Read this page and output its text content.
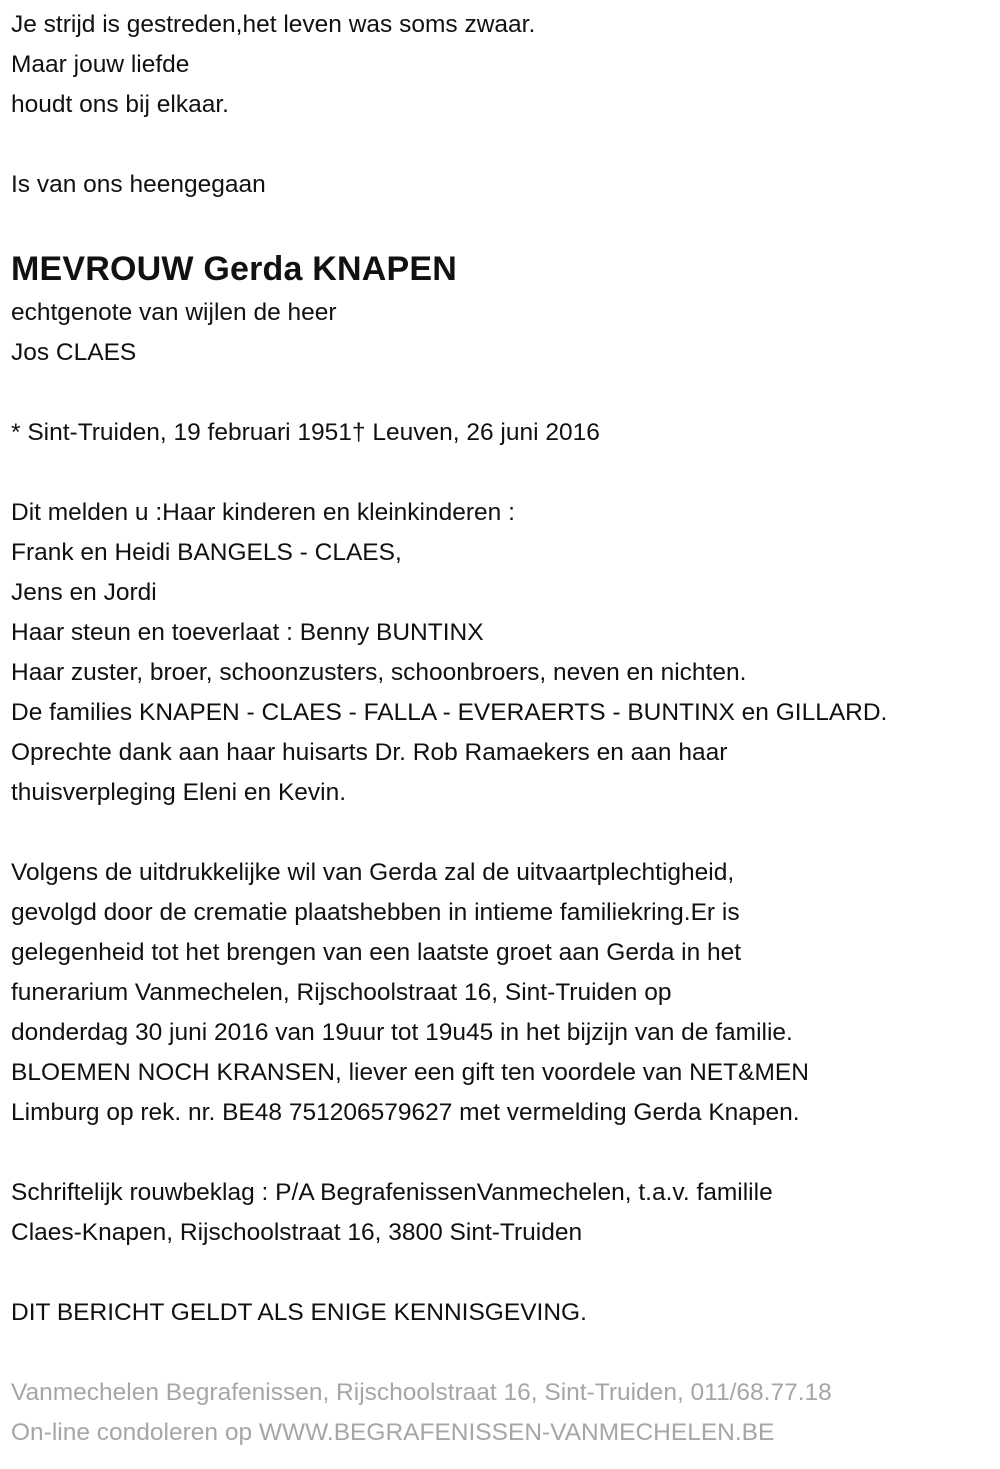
Je strijd is gestreden,het leven was soms zwaar.
Maar jouw liefde
houdt ons bij elkaar.
Is van ons heengegaan
MEVROUW Gerda KNAPEN
echtgenote van wijlen de heer
Jos CLAES
* Sint-Truiden, 19 februari 1951† Leuven, 26 juni 2016
Dit melden u :Haar kinderen en kleinkinderen :
Frank en Heidi BANGELS - CLAES,
Jens en Jordi
Haar steun en toeverlaat : Benny BUNTINX
Haar zuster, broer, schoonzusters, schoonbroers, neven en nichten.
De families KNAPEN - CLAES - FALLA - EVERAERTS - BUNTINX en GILLARD.
Oprechte dank aan haar huisarts Dr. Rob Ramaekers en aan haar
thuisverpleging Eleni en Kevin.
Volgens de uitdrukkelijke wil van Gerda zal de uitvaartplechtigheid,
gevolgd door de crematie plaatshebben in intieme familiekring.Er is
gelegenheid tot het brengen van een laatste groet aan Gerda in het
funerarium Vanmechelen, Rijschoolstraat 16, Sint-Truiden op
donderdag 30 juni 2016 van 19uur tot 19u45 in het bijzijn van de familie.
BLOEMEN NOCH KRANSEN, liever een gift ten voordele van NET&MEN
Limburg op rek. nr. BE48 751206579627 met vermelding Gerda Knapen.
Schriftelijk rouwbeklag : P/A BegrafenissenVanmechelen, t.a.v. familile
Claes-Knapen, Rijschoolstraat 16, 3800 Sint-Truiden
DIT BERICHT GELDT ALS ENIGE KENNISGEVING.
Vanmechelen Begrafenissen, Rijschoolstraat 16, Sint-Truiden, 011/68.77.18
On-line condoleren op WWW.BEGRAFENISSEN-VANMECHELEN.BE
